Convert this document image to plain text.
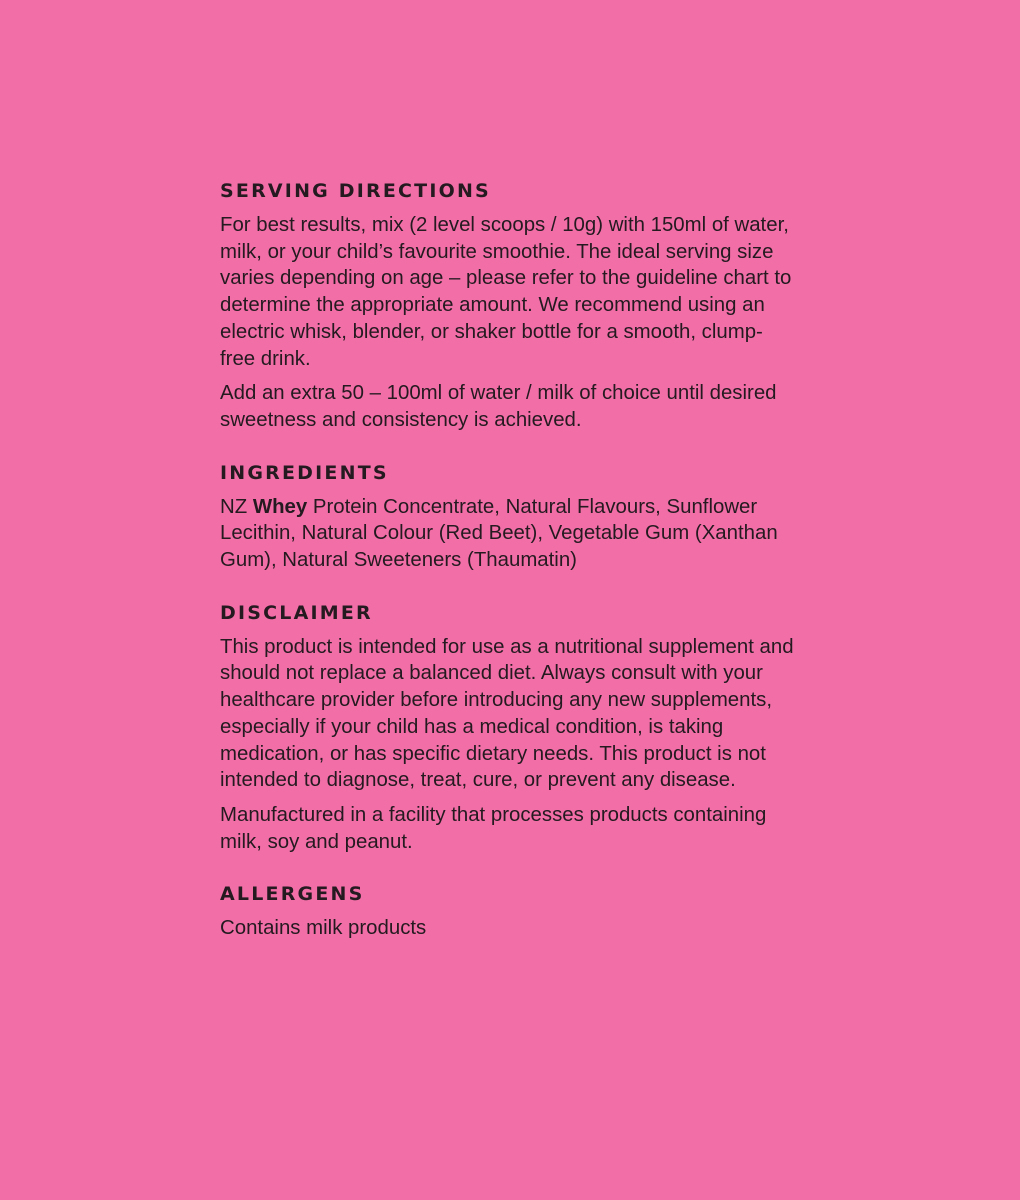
SERVING DIRECTIONS

For best results, mix (2 level scoops / 10g) with 150ml of water, milk, or your child’s favourite smoothie. The ideal serving size varies depending on age – please refer to the guideline chart to determine the appropriate amount. We recommend using an electric whisk, blender, or shaker bottle for a smooth, clump-free drink.

Add an extra 50 – 100ml of water / milk of choice until desired sweetness and consistency is achieved.

INGREDIENTS

NZ Whey Protein Concentrate, Natural Flavours, Sunflower Lecithin, Natural Colour (Red Beet), Vegetable Gum (Xanthan Gum), Natural Sweeteners (Thaumatin)

DISCLAIMER

This product is intended for use as a nutritional supplement and should not replace a balanced diet. Always consult with your healthcare provider before introducing any new supplements, especially if your child has a medical condition, is taking medication, or has specific dietary needs. This product is not intended to diagnose, treat, cure, or prevent any disease.

Manufactured in a facility that processes products containing milk, soy and peanut.

ALLERGENS

Contains milk products
